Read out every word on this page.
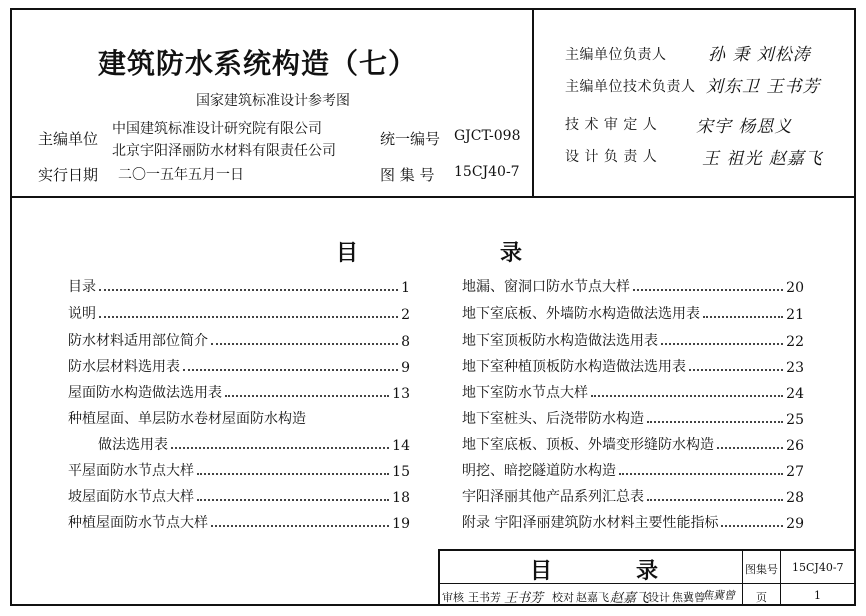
建筑防水系统构造（七）
国家建筑标准设计参考图
主编单位
中国建筑标准设计研究院有限公司
北京宇阳泽丽防水材料有限责任公司
实行日期 二〇一五年五月一日
统一编号 GJCT-098
图 集 号 15CJ40-7
主编单位负责人 孙 秉 刘松涛
主编单位技术负责人 刘东卫 王书芳
技 术 审 定 人 宋宇 杨恩义
设 计 负 责 人	王 祖光 赵嘉飞
目	录
目录	1
说明	2
防水材料适用部位简介	8
防水层材料选用表	9
屋面防水构造做法选用表	13
种植屋面、单层防水卷材屋面防水构造
做法选用表	14
平屋面防水节点大样	15
坡屋面防水节点大样	18
种植屋面防水节点大样	19
地漏、窗洞口防水节点大样	20
地下室底板、外墙防水构造做法选用表	21
地下室顶板防水构造做法选用表	22
地下室种植顶板防水构造做法选用表	23
地下室防水节点大样	24
地下室桩头、后浇带防水构造	25
地下室底板、顶板、外墙变形缝防水构造	26
明挖、暗挖隧道防水构造	27
宇阳泽丽其他产品系列汇总表	28
附录 宇阳泽丽建筑防水材料主要性能指标	29
目	录	图集号 15CJ40-7
审核 王书芳 王书芳 校对 赵嘉飞 赵嘉飞
设计 焦冀曾
焦冀曾 页	1
